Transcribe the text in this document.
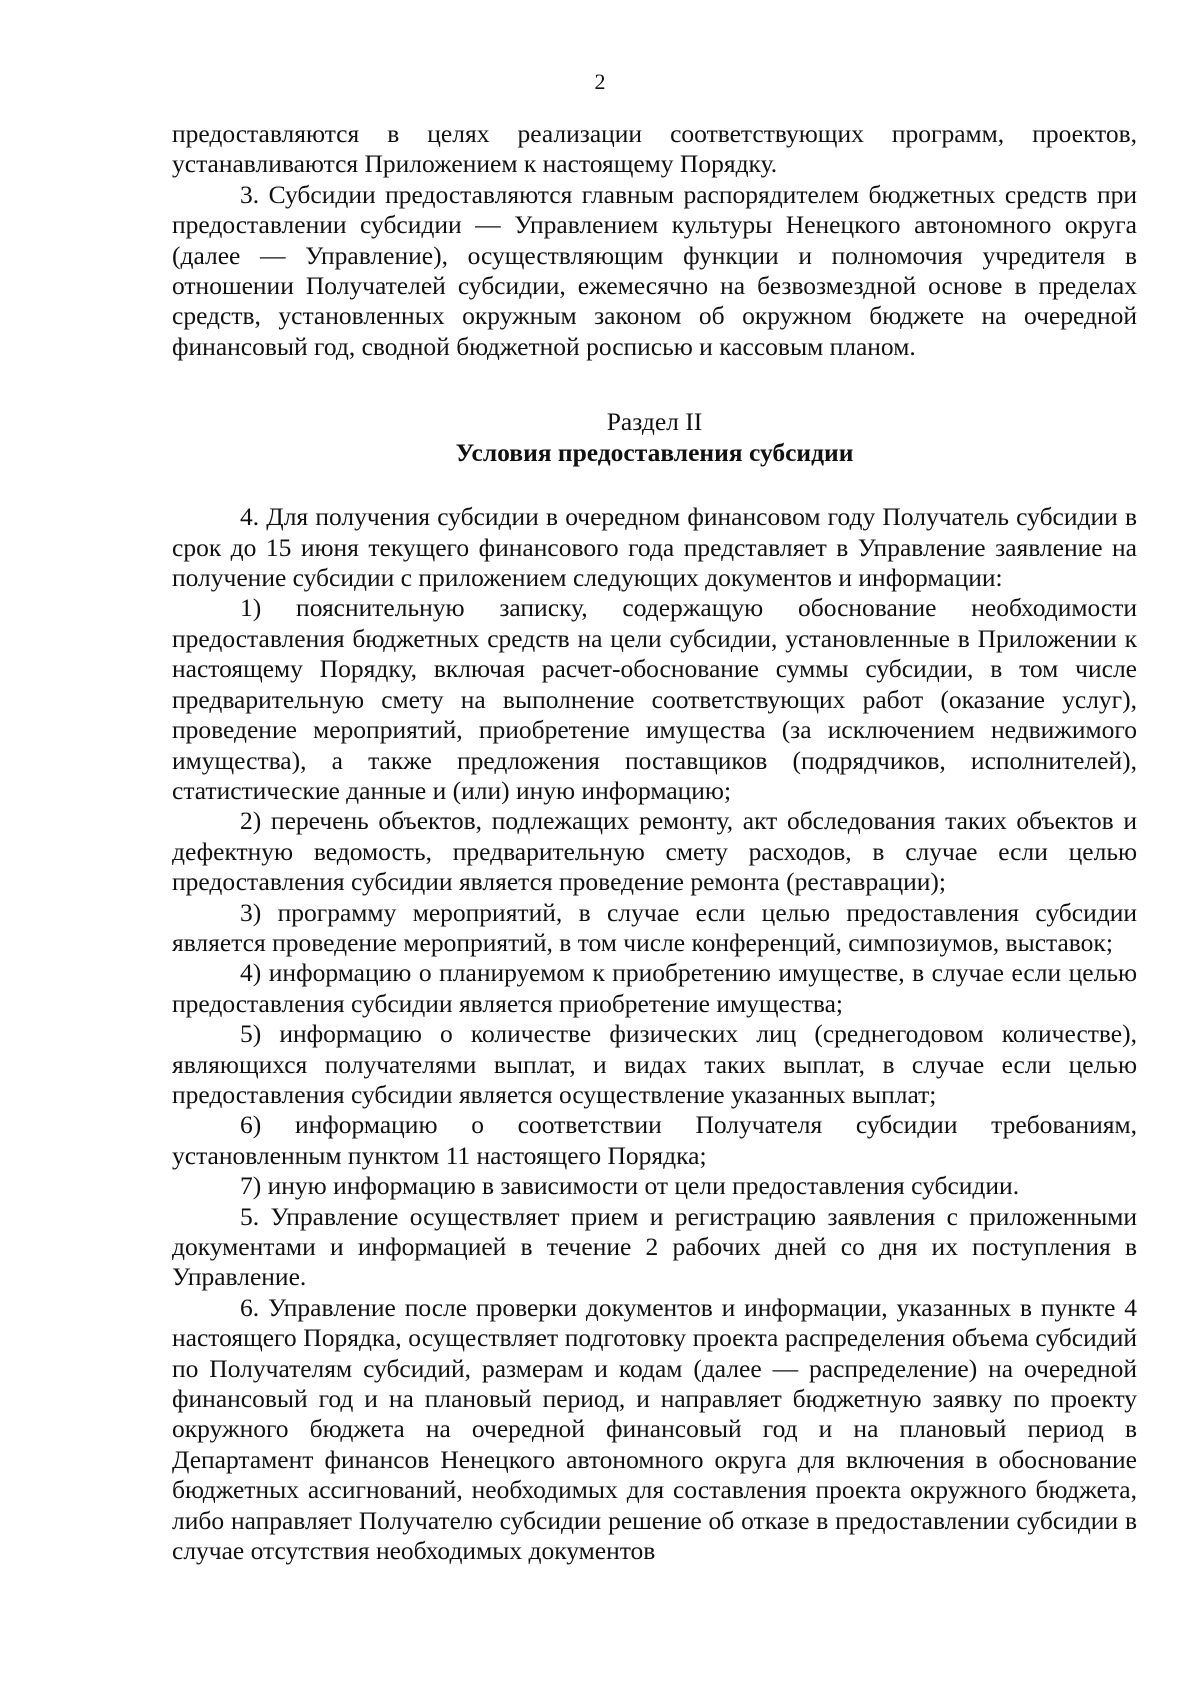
2

предоставляются в целях реализации соответствующих программ, проектов, устанавливаются Приложением к настоящему Порядку.

3. Субсидии предоставляются главным распорядителем бюджетных средств при предоставлении субсидии — Управлением культуры Ненецкого автономного округа (далее — Управление), осуществляющим функции и полномочия учредителя в отношении Получателей субсидии, ежемесячно на безвозмездной основе в пределах средств, установленных окружным законом об окружном бюджете на очередной финансовый год, сводной бюджетной росписью и кассовым планом.

Раздел II
Условия предоставления субсидии

4. Для получения субсидии в очередном финансовом году Получатель субсидии в срок до 15 июня текущего финансового года представляет в Управление заявление на получение субсидии с приложением следующих документов и информации:

1) пояснительную записку, содержащую обоснование необходимости предоставления бюджетных средств на цели субсидии, установленные в Приложении к настоящему Порядку, включая расчет-обоснование суммы субсидии, в том числе предварительную смету на выполнение соответствующих работ (оказание услуг), проведение мероприятий, приобретение имущества (за исключением недвижимого имущества), а также предложения поставщиков (подрядчиков, исполнителей), статистические данные и (или) иную информацию;

2) перечень объектов, подлежащих ремонту, акт обследования таких объектов и дефектную ведомость, предварительную смету расходов, в случае если целью предоставления субсидии является проведение ремонта (реставрации);

3) программу мероприятий, в случае если целью предоставления субсидии является проведение мероприятий, в том числе конференций, симпозиумов, выставок;

4) информацию о планируемом к приобретению имуществе, в случае если целью предоставления субсидии является приобретение имущества;

5) информацию о количестве физических лиц (среднегодовом количестве), являющихся получателями выплат, и видах таких выплат, в случае если целью предоставления субсидии является осуществление указанных выплат;

6) информацию о соответствии Получателя субсидии требованиям, установленным пунктом 11 настоящего Порядка;

7) иную информацию в зависимости от цели предоставления субсидии.

5. Управление осуществляет прием и регистрацию заявления с приложенными документами и информацией в течение 2 рабочих дней со дня их поступления в Управление.

6. Управление после проверки документов и информации, указанных в пункте 4 настоящего Порядка, осуществляет подготовку проекта распределения объема субсидий по Получателям субсидий, размерам и кодам (далее — распределение) на очередной финансовый год и на плановый период, и направляет бюджетную заявку по проекту окружного бюджета на очередной финансовый год и на плановый период в Департамент финансов Ненецкого автономного округа для включения в обоснование бюджетных ассигнований, необходимых для составления проекта окружного бюджета, либо направляет Получателю субсидии решение об отказе в предоставлении субсидии в случае отсутствия необходимых документов
